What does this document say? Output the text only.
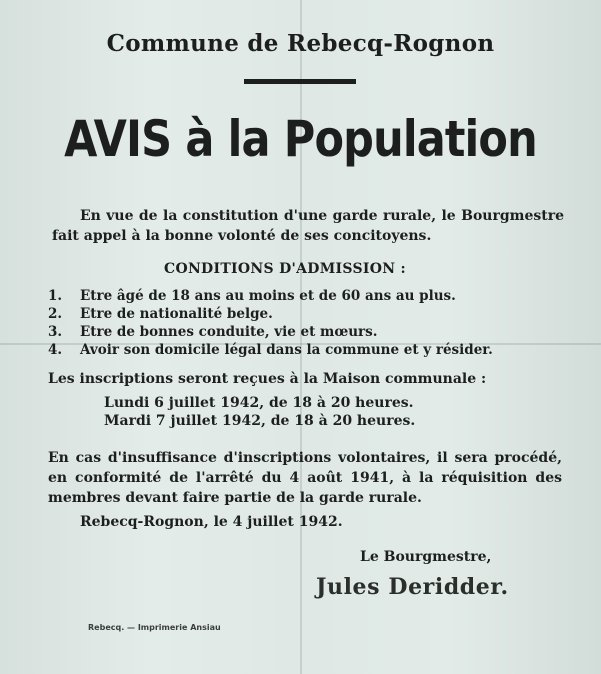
Commune de Rebecq-Rognon
AVIS à la Population
En vue de la constitution d'une garde rurale, le Bourgmestre fait appel à la bonne volonté de ses concitoyens.
CONDITIONS D'ADMISSION :
1.	Etre âgé de 18 ans au moins et de 60 ans au plus.
2.	Etre de nationalité belge.
3.	Etre de bonnes conduite, vie et mœurs.
4.	Avoir son domicile légal dans la commune et y résider.
Les inscriptions seront reçues à la Maison communale :
Lundi 6 juillet 1942, de 18 à 20 heures.
Mardi 7 juillet 1942, de 18 à 20 heures.
En cas d'insuffisance d'inscriptions volontaires, il sera procédé, en conformité de l'arrêté du 4 août 1941, à la réquisition des membres devant faire partie de la garde rurale.
Rebecq-Rognon, le 4 juillet 1942.
Le Bourgmestre,
Jules Deridder.
Rebecq. — Imprimerie Ansiau
